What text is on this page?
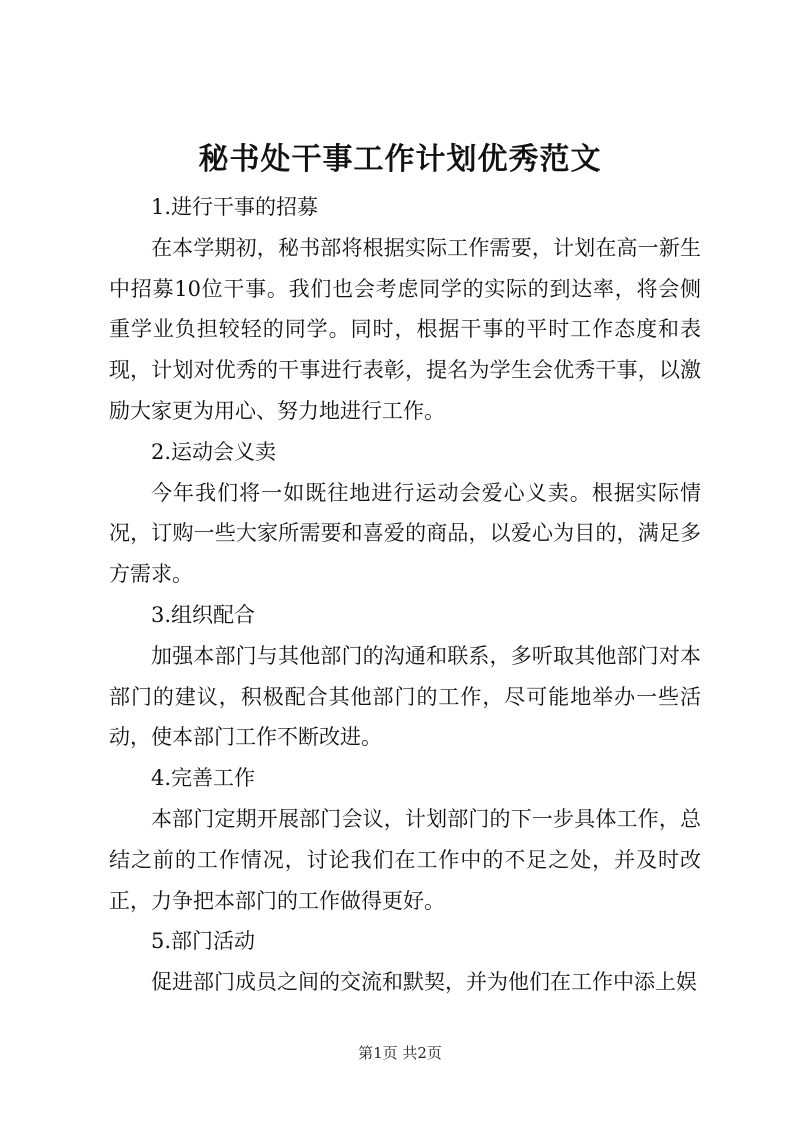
秘书处干事工作计划优秀范文

1.进行干事的招募

在本学期初，秘书部将根据实际工作需要，计划在高一新生中招募10位干事。我们也会考虑同学的实际的到达率，将会侧重学业负担较轻的同学。同时，根据干事的平时工作态度和表现，计划对优秀的干事进行表彰，提名为学生会优秀干事，以激励大家更为用心、努力地进行工作。

2.运动会义卖

今年我们将一如既往地进行运动会爱心义卖。根据实际情况，订购一些大家所需要和喜爱的商品，以爱心为目的，满足多方需求。

3.组织配合

加强本部门与其他部门的沟通和联系，多听取其他部门对本部门的建议，积极配合其他部门的工作，尽可能地举办一些活动，使本部门工作不断改进。

4.完善工作

本部门定期开展部门会议，计划部门的下一步具体工作，总结之前的工作情况，讨论我们在工作中的不足之处，并及时改正，力争把本部门的工作做得更好。

5.部门活动

促进部门成员之间的交流和默契，并为他们在工作中添上娱

第1页 共2页
